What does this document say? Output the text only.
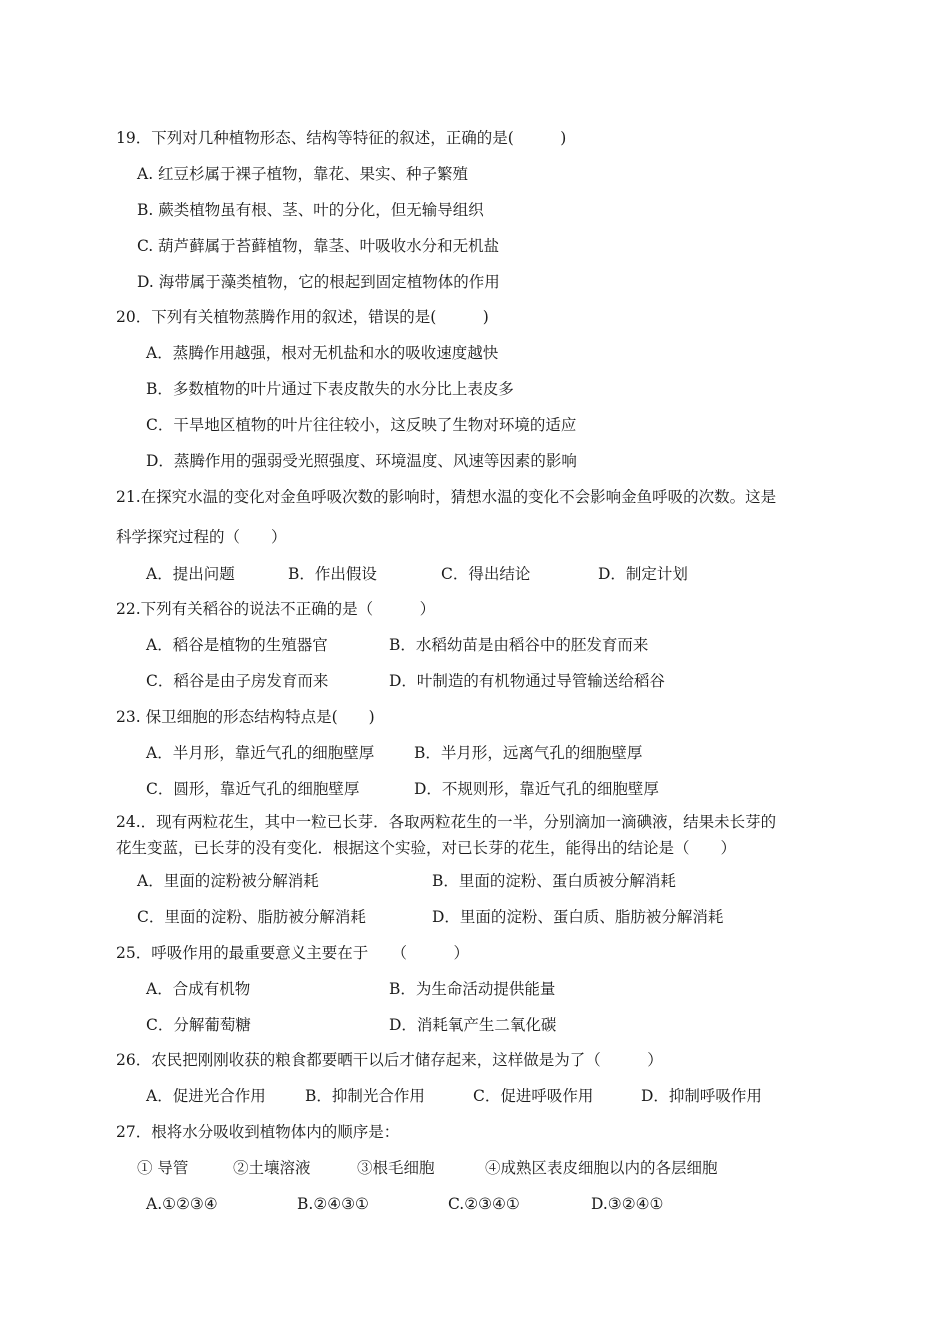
19．下列对几种植物形态、结构等特征的叙述，正确的是(　　　)
A. 红豆杉属于裸子植物，靠花、果实、种子繁殖
B. 蕨类植物虽有根、茎、叶的分化，但无输导组织
C. 葫芦藓属于苔藓植物，靠茎、叶吸收水分和无机盐
D. 海带属于藻类植物，它的根起到固定植物体的作用
20．下列有关植物蒸腾作用的叙述，错误的是(　　　)
A．蒸腾作用越强，根对无机盐和水的吸收速度越快
B．多数植物的叶片通过下表皮散失的水分比上表皮多
C．干旱地区植物的叶片往往较小，这反映了生物对环境的适应
D．蒸腾作用的强弱受光照强度、环境温度、风速等因素的影响
21.在探究水温的变化对金鱼呼吸次数的影响时，猜想水温的变化不会影响金鱼呼吸的次数。这是
科学探究过程的（　　）
A．提出问题	B．作出假设	C．得出结论	D．制定计划
22.下列有关稻谷的说法不正确的是（　　　）
A．稻谷是植物的生殖器官	B．水稻幼苗是由稻谷中的胚发育而来
C．稻谷是由子房发育而来	D．叶制造的有机物通过导管输送给稻谷
23. 保卫细胞的形态结构特点是(　　)
A．半月形，靠近气孔的细胞壁厚	B．半月形，远离气孔的细胞壁厚
C．圆形，靠近气孔的细胞壁厚	D．不规则形，靠近气孔的细胞壁厚
24.．现有两粒花生，其中一粒已长芽．各取两粒花生的一半，分别滴加一滴碘液，结果未长芽的
花生变蓝，已长芽的没有变化．根据这个实验，对已长芽的花生，能得出的结论是（　　）
A．里面的淀粉被分解消耗	B．里面的淀粉、蛋白质被分解消耗
C．里面的淀粉、脂肪被分解消耗	D．里面的淀粉、蛋白质、脂肪被分解消耗
25．呼吸作用的最重要意义主要在于　　（　　　）
A．合成有机物	B．为生命活动提供能量
C．分解葡萄糖	D．消耗氧产生二氧化碳
26．农民把刚刚收获的粮食都要晒干以后才储存起来，这样做是为了（　　　）
A．促进光合作用	B．抑制光合作用	C．促进呼吸作用	D．抑制呼吸作用
27．根将水分吸收到植物体内的顺序是：
① 导管	②土壤溶液	③根毛细胞	④成熟区表皮细胞以内的各层细胞
A.①②③④	B.②④③①	C.②③④①	D.③②④①
